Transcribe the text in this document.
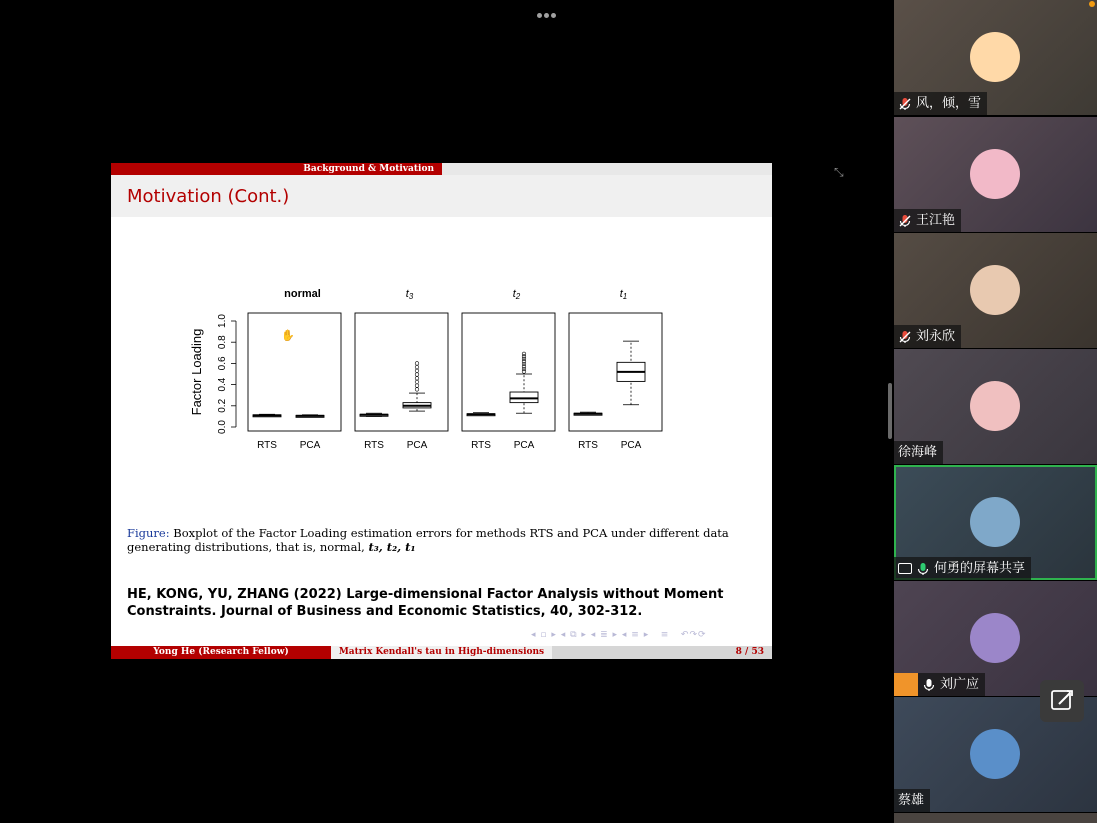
Background & Motivation
Motivation (Cont.)
Factor Loading
0.0
0.2
0.4
0.6
0.8
1.0
normal
RTS PCA
t3
RTS PCA
t2
RTS PCA
t1
RTS PCA
✋
Figure: Boxplot of the Factor Loading estimation errors for methods RTS and PCA under different data generating distributions, that is, normal, t₃, t₂, t₁
HE, KONG, YU, ZHANG (2022) Large-dimensional Factor Analysis without Moment Constraints. Journal of Business and Economic Statistics, 40, 302-312.
◂ ▫ ▸ ◂ ⧉ ▸ ◂ ≣ ▸ ◂ ≡ ▸   ≡   ↶↷⟳
Yong He (Research Fellow)	Matrix Kendall's tau in High-dimensions	8 / 53
⤡
风，倾，雪
王江艳
刘永欣
徐海峰
何勇的屏幕共享
刘广应
蔡雄
